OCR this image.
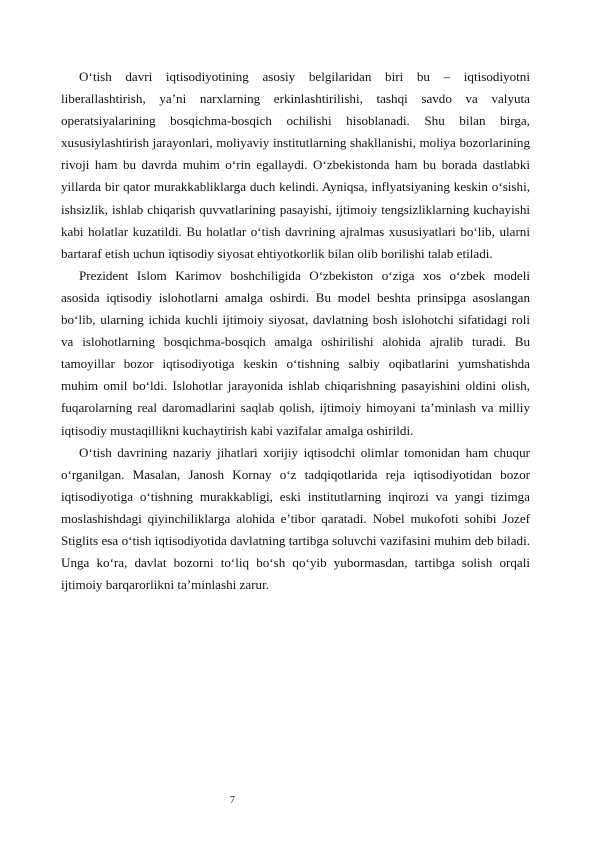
O‘tish davri iqtisodiyotining asosiy belgilaridan biri bu – iqtisodiyotni liberallashtirish, ya’ni narxlarning erkinlashtirilishi, tashqi savdo va valyuta operatsiyalarining bosqichma-bosqich ochilishi hisoblanadi. Shu bilan birga, xususiylashtirish jarayonlari, moliyaviy institutlarning shakllanishi, moliya bozorlarining rivoji ham bu davrda muhim o‘rin egallaydi. O‘zbekistonda ham bu borada dastlabki yillarda bir qator murakkabliklarga duch kelindi. Ayniqsa, inflyatsiyaning keskin o‘sishi, ishsizlik, ishlab chiqarish quvvatlarining pasayishi, ijtimoiy tengsizliklarning kuchayishi kabi holatlar kuzatildi. Bu holatlar o‘tish davrining ajralmas xususiyatlari bo‘lib, ularni bartaraf etish uchun iqtisodiy siyosat ehtiyotkorlik bilan olib borilishi talab etiladi.

Prezident Islom Karimov boshchiligida O‘zbekiston o‘ziga xos o‘zbek modeli asosida iqtisodiy islohotlarni amalga oshirdi. Bu model beshta prinsipga asoslangan bo‘lib, ularning ichida kuchli ijtimoiy siyosat, davlatning bosh islohotchi sifatidagi roli va islohotlarning bosqichma-bosqich amalga oshirilishi alohida ajralib turadi. Bu tamoyillar bozor iqtisodiyotiga keskin o‘tishning salbiy oqibatlarini yumshatishda muhim omil bo‘ldi. Islohotlar jarayonida ishlab chiqarishning pasayishini oldini olish, fuqarolarning real daromadlarini saqlab qolish, ijtimoiy himoyani ta’minlash va milliy iqtisodiy mustaqillikni kuchaytirish kabi vazifalar amalga oshirildi.

O‘tish davrining nazariy jihatlari xorijiy iqtisodchi olimlar tomonidan ham chuqur o‘rganilgan. Masalan, Janosh Kornay o‘z tadqiqotlarida reja iqtisodiyotidan bozor iqtisodiyotiga o‘tishning murakkabligi, eski institutlarning inqirozi va yangi tizimga moslashishdagi qiyinchiliklarga alohida e’tibor qaratadi. Nobel mukofoti sohibi Jozef Stiglits esa o‘tish iqtisodiyotida davlatning tartibga soluvchi vazifasini muhim deb biladi. Unga ko‘ra, davlat bozorni to‘liq bo‘sh qo‘yib yubormasdan, tartibga solish orqali ijtimoiy barqarorlikni ta’minlashi zarur.

7
